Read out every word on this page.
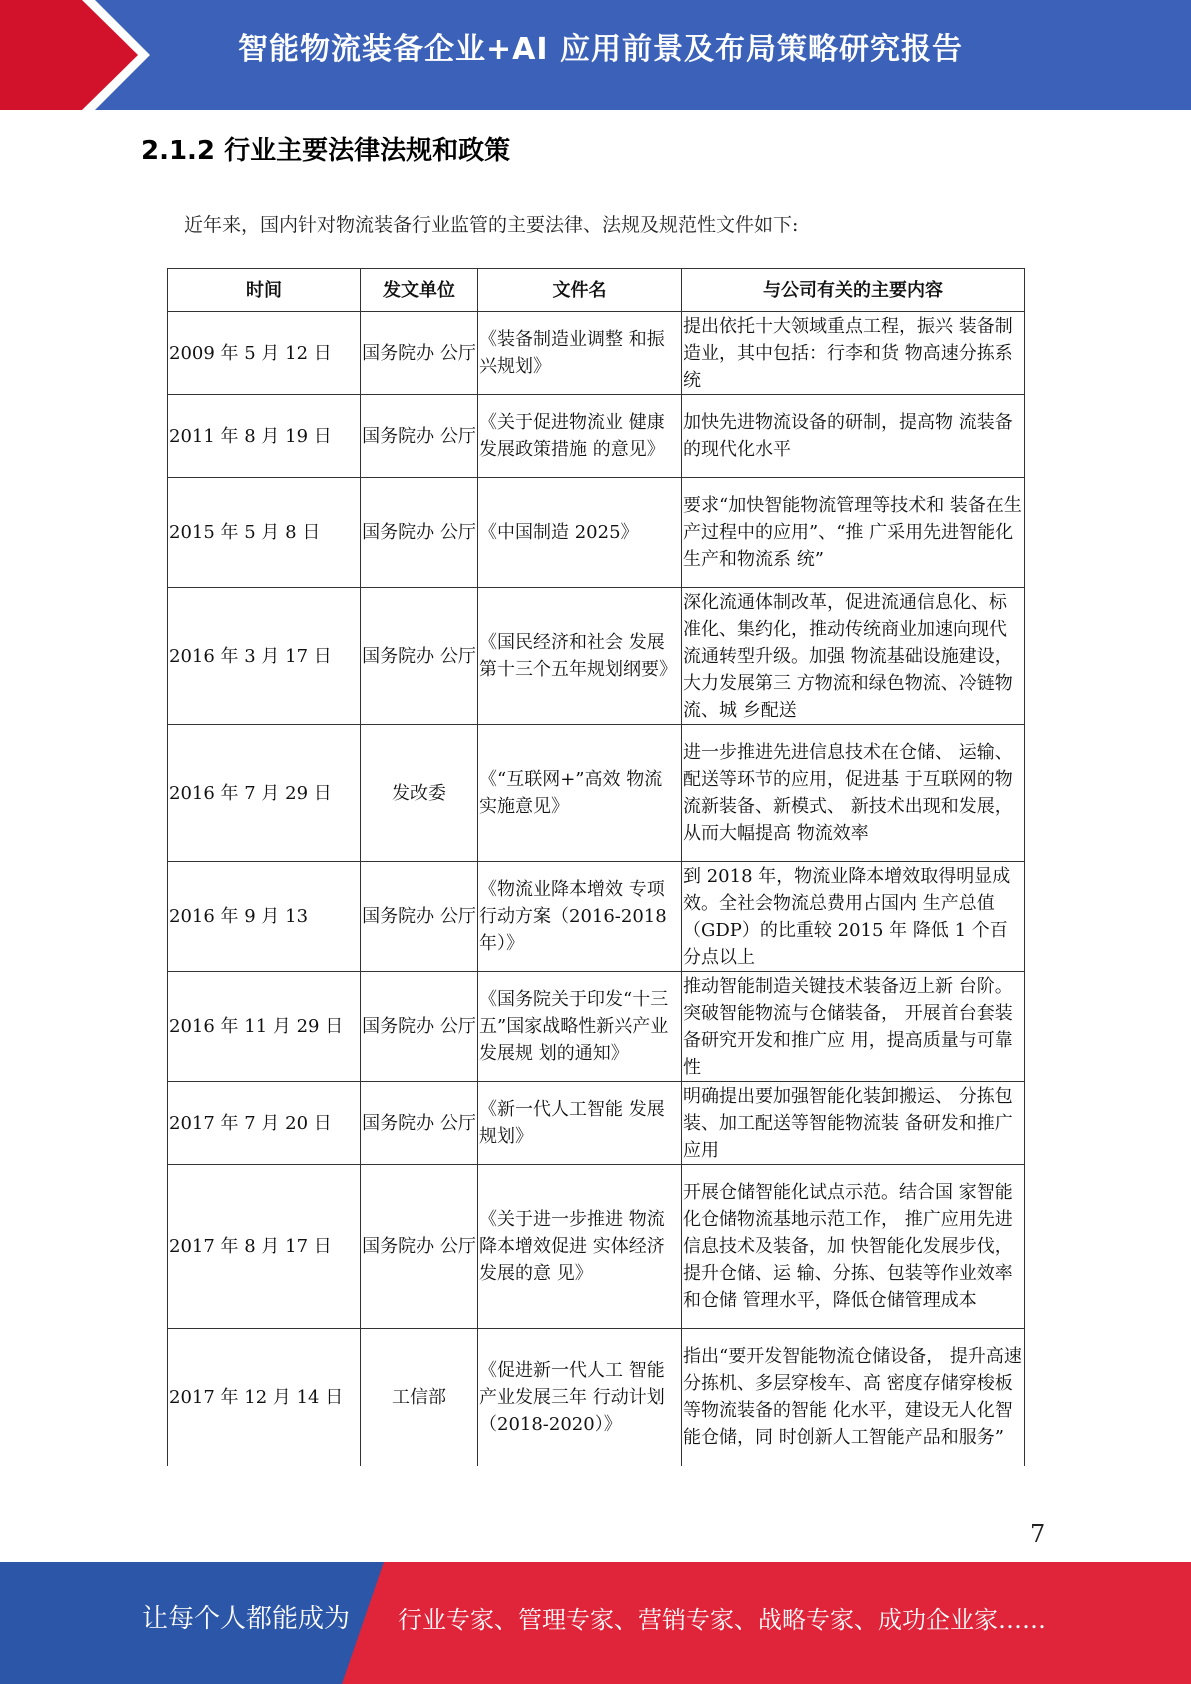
智能物流装备企业+AI 应用前景及布局策略研究报告
2.1.2 行业主要法律法规和政策
近年来，国内针对物流装备行业监管的主要法律、法规及规范性文件如下:
时间	发文单位	文件名	与公司有关的主要内容
2009 年 5 月 12 日	国务院办 公厅	《装备制造业调整 和振兴规划》	提出依托十大领域重点工程，振兴 装备制造业，其中包括：行李和货 物高速分拣系统
2011 年 8 月 19 日	国务院办 公厅	《关于促进物流业 健康发展政策措施 的意见》	加快先进物流设备的研制，提高物 流装备的现代化水平
2015 年 5 月 8 日	国务院办 公厅	《中国制造 2025》	要求“加快智能物流管理等技术和 装备在生产过程中的应用”、“推 广采用先进智能化生产和物流系 统”
2016 年 3 月 17 日	国务院办 公厅	《国民经济和社会 发展第十三个五年规划纲要》	深化流通体制改革，促进流通信息化、标准化、集约化，推动传统商业加速向现代流通转型升级。加强 物流基础设施建设，大力发展第三 方物流和绿色物流、冷链物流、城 乡配送
2016 年 7 月 29 日	发改委	《“互联网+”高效 物流实施意见》	进一步推进先进信息技术在仓储、 运输、配送等环节的应用，促进基 于互联网的物流新装备、新模式、 新技术出现和发展，从而大幅提高 物流效率
2016 年 9 月 13	国务院办 公厅	《物流业降本增效 专项行动方案（2016-2018 年）》	到 2018 年，物流业降本增效取得明显成效。全社会物流总费用占国内 生产总值（GDP）的比重较 2015 年 降低 1 个百分点以上
2016 年 11 月 29 日	国务院办 公厅	《国务院关于印发“十三五”国家战略性新兴产业发展规 划的通知》	推动智能制造关键技术装备迈上新 台阶。突破智能物流与仓储装备， 开展首台套装备研究开发和推广应 用，提高质量与可靠性
2017 年 7 月 20 日	国务院办 公厅	《新一代人工智能 发展规划》	明确提出要加强智能化装卸搬运、 分拣包装、加工配送等智能物流装 备研发和推广应用
2017 年 8 月 17 日	国务院办 公厅	《关于进一步推进 物流降本增效促进 实体经济发展的意 见》	开展仓储智能化试点示范。结合国 家智能化仓储物流基地示范工作， 推广应用先进信息技术及装备，加 快智能化发展步伐，提升仓储、运 输、分拣、包装等作业效率和仓储 管理水平，降低仓储管理成本
2017 年 12 月 14 日	工信部	《促进新一代人工 智能产业发展三年 行动计划（2018-2020）》	指出“要开发智能物流仓储设备， 提升高速分拣机、多层穿梭车、高 密度存储穿梭板等物流装备的智能 化水平，建设无人化智能仓储，同 时创新人工智能产品和服务”
7
让每个人都能成为 行业专家、管理专家、营销专家、战略专家、成功企业家……
